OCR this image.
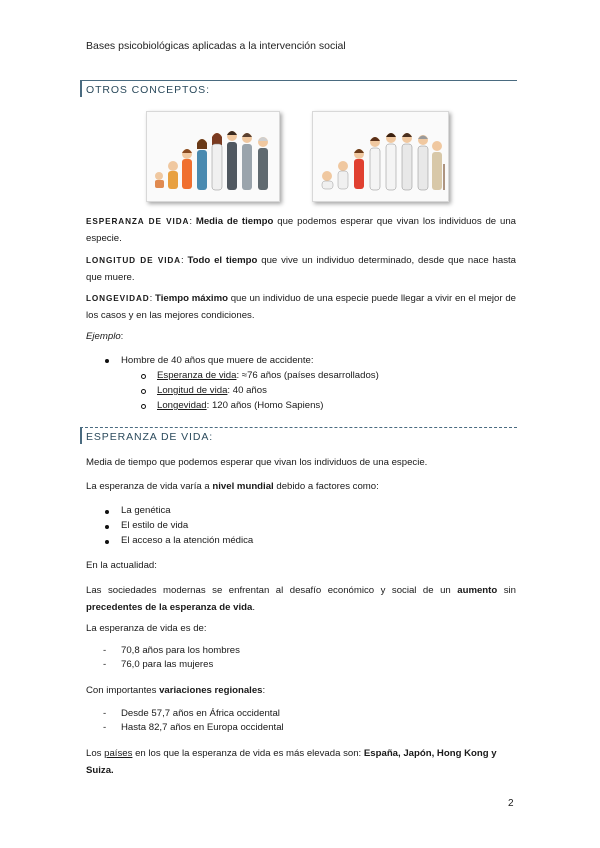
Bases psicobiológicas aplicadas a la intervención social
OTROS CONCEPTOS:
ESPERANZA DE VIDA: Media de tiempo que podemos esperar que vivan los individuos de una especie.
LONGITUD DE VIDA: Todo el tiempo que vive un individuo determinado, desde que nace hasta que muere.
LONGEVIDAD: Tiempo máximo que un individuo de una especie puede llegar a vivir en el mejor de los casos y en las mejores condiciones.
Ejemplo:
Hombre de 40 años que muere de accidente:
Esperanza de vida: ≈76 años (países desarrollados)
Longitud de vida: 40 años
Longevidad: 120 años (Homo Sapiens)
ESPERANZA DE VIDA:
Media de tiempo que podemos esperar que vivan los individuos de una especie.
La esperanza de vida varía a nivel mundial debido a factores como:
La genética
El estilo de vida
El acceso a la atención médica
En la actualidad:
Las sociedades modernas se enfrentan al desafío económico y social de un aumento sin precedentes de la esperanza de vida.
La esperanza de vida es de:
- 70,8 años para los hombres
- 76,0 para las mujeres
Con importantes variaciones regionales:
- Desde 57,7 años en África occidental
- Hasta 82,7 años en Europa occidental
Los países en los que la esperanza de vida es más elevada son: España, Japón, Hong Kong y Suiza.
2
